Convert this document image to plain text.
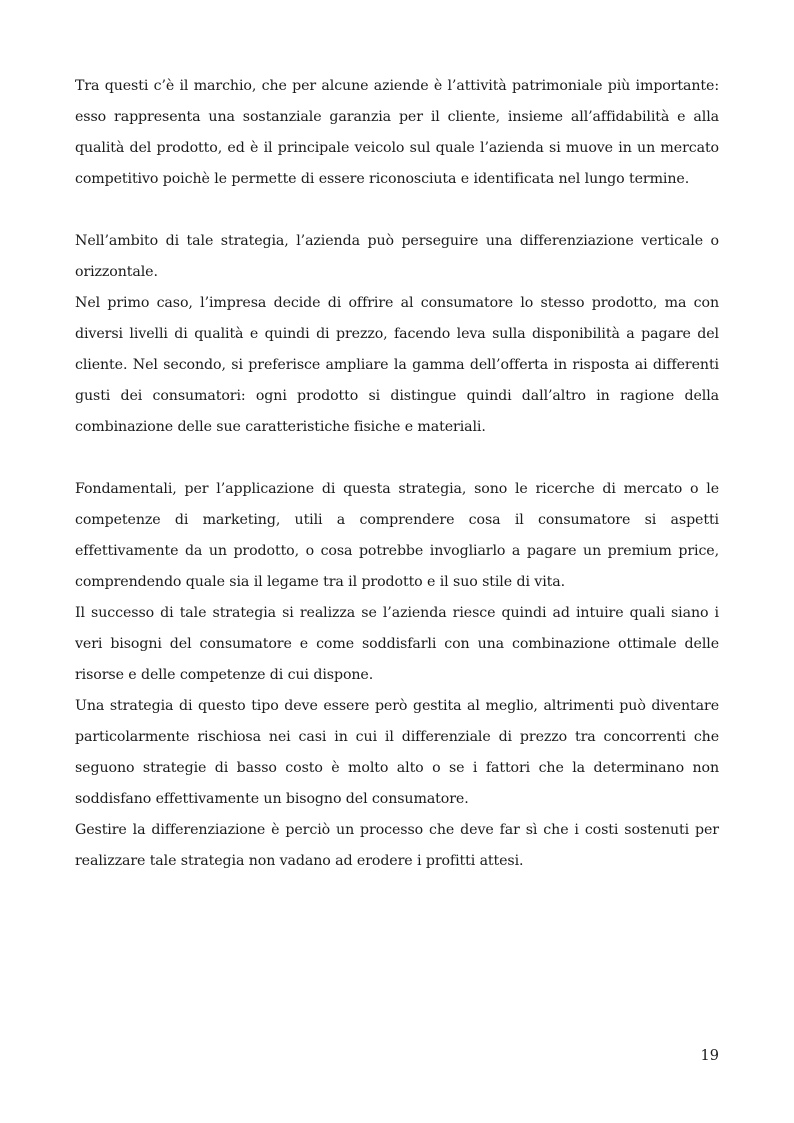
Tra questi c’è il marchio, che per alcune aziende è l’attività patrimoniale più importante: esso rappresenta una sostanziale garanzia per il cliente, insieme all’affidabilità e alla qualità del prodotto, ed è il principale veicolo sul quale l’azienda si muove in un mercato competitivo poichè le permette di essere riconosciuta e identificata nel lungo termine.

Nell’ambito di tale strategia, l’azienda può perseguire una differenziazione verticale o orizzontale.

Nel primo caso, l’impresa decide di offrire al consumatore lo stesso prodotto, ma con diversi livelli di qualità e quindi di prezzo, facendo leva sulla disponibilità a pagare del cliente. Nel secondo, si preferisce ampliare la gamma dell’offerta in risposta ai differenti gusti dei consumatori: ogni prodotto si distingue quindi dall’altro in ragione della combinazione delle sue caratteristiche fisiche e materiali.

Fondamentali, per l’applicazione di questa strategia, sono le ricerche di mercato o le competenze di marketing, utili a comprendere cosa il consumatore si aspetti effettivamente da un prodotto, o cosa potrebbe invogliarlo a pagare un premium price, comprendendo quale sia il legame tra il prodotto e il suo stile di vita.

Il successo di tale strategia si realizza se l’azienda riesce quindi ad intuire quali siano i veri bisogni del consumatore e come soddisfarli con una combinazione ottimale delle risorse e delle competenze di cui dispone.

Una strategia di questo tipo deve essere però gestita al meglio, altrimenti può diventare particolarmente rischiosa nei casi in cui il differenziale di prezzo tra concorrenti che seguono strategie di basso costo è molto alto o se i fattori che la determinano non soddisfano effettivamente un bisogno del consumatore.

Gestire la differenziazione è perciò un processo che deve far sì che i costi sostenuti per realizzare tale strategia non vadano ad erodere i profitti attesi.

19
